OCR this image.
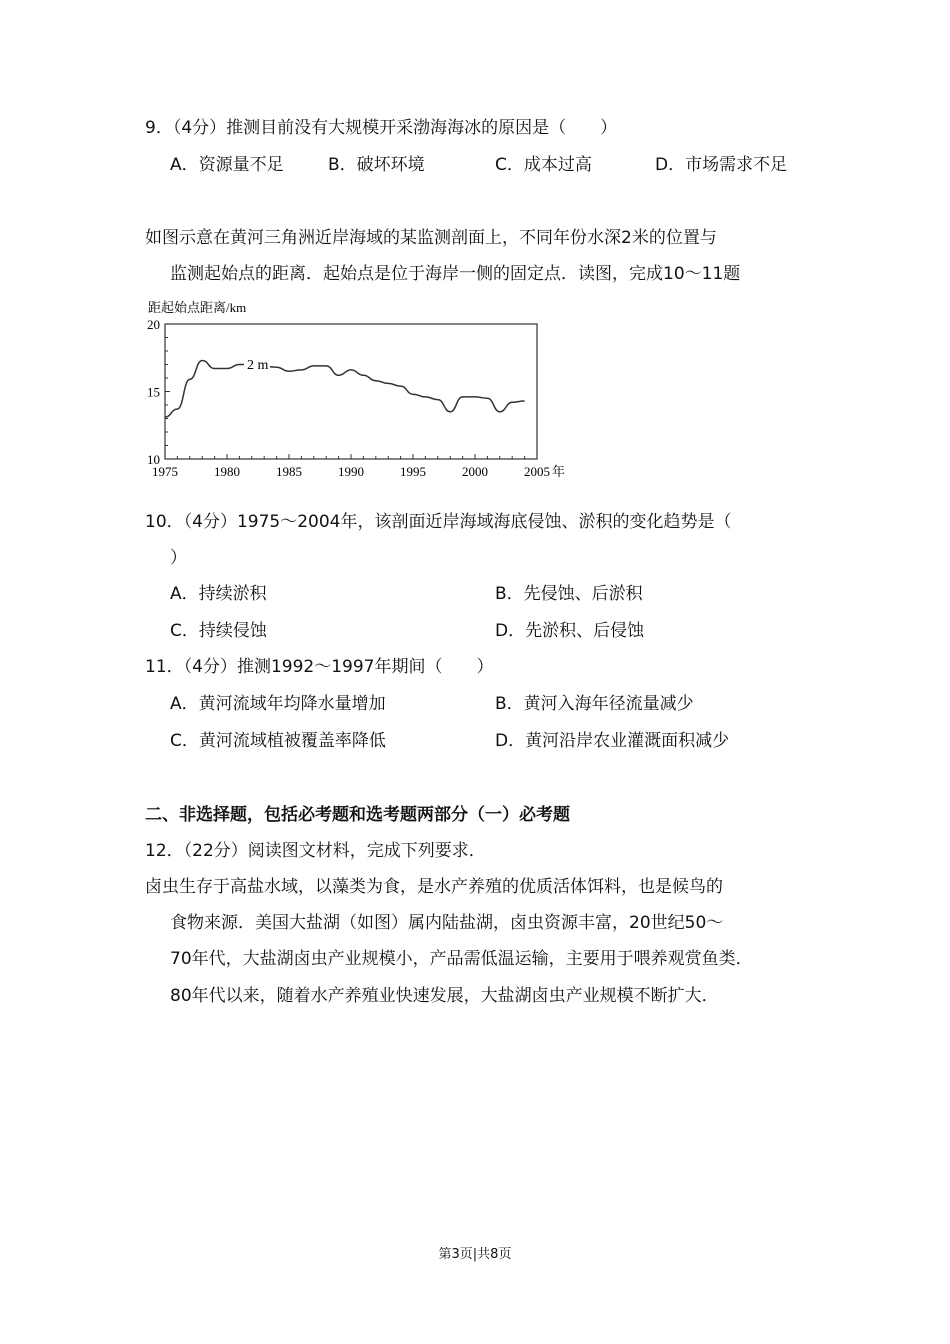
9．（4分）推测目前没有大规模开采渤海海冰的原因是（　　）
A．资源量不足	B．破坏环境	C．成本过高	D．市场需求不足
如图示意在黄河三角洲近岸海域的某监测剖面上，不同年份水深2米的位置与
监测起始点的距离．起始点是位于海岸一侧的固定点．读图，完成10～11题
距起始点距离/km
1975	1980	1985	1990	1995	2000	2005
10
15
20
2 m
年
10．（4分）1975～2004年，该剖面近岸海域海底侵蚀、淤积的变化趋势是（
）
A．持续淤积	B．先侵蚀、后淤积
C．持续侵蚀	D．先淤积、后侵蚀
11．（4分）推测1992～1997年期间（　　）
A．黄河流域年均降水量增加	B．黄河入海年径流量减少
C．黄河流域植被覆盖率降低	D．黄河沿岸农业灌溉面积减少
二、非选择题，包括必考题和选考题两部分（一）必考题
12．（22分）阅读图文材料，完成下列要求．
卤虫生存于高盐水域，以藻类为食，是水产养殖的优质活体饵料，也是候鸟的
食物来源．美国大盐湖（如图）属内陆盐湖，卤虫资源丰富，20世纪50～
70年代，大盐湖卤虫产业规模小，产品需低温运输，主要用于喂养观赏鱼类．
80年代以来，随着水产养殖业快速发展，大盐湖卤虫产业规模不断扩大．
第3页|共8页
